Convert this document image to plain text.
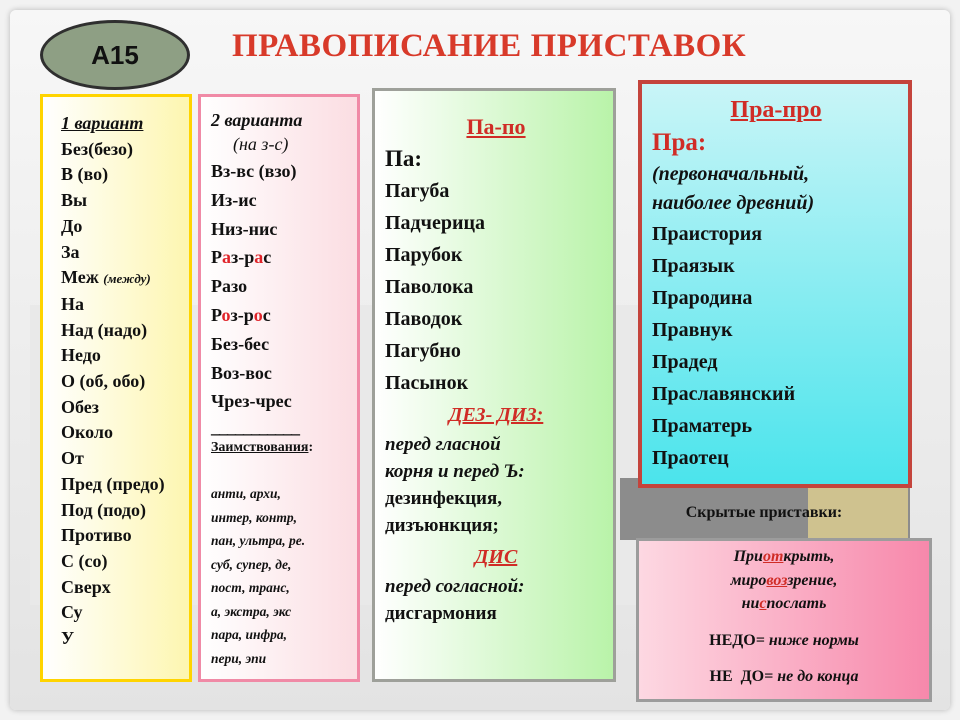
А15	ПРАВОПИСАНИЕ ПРИСТАВОК
1 вариант
Без(безо)
В (во)
Вы
До
За
Меж (между)
На
Над (надо)
Недо
О (об, обо)
Обез
Около
От
Пред (предо)
Под (подо)
Противо
С (со)
Сверх
Су
У
2 варианта
(на з-с)
Вз-вс (взо)
Из-ис
Низ-нис
Раз-рас
Разо
Роз-рос
Без-бес
Воз-вос
Чрез-чрес
___________
Заимствования:
анти, архи,
интер, контр,
пан, ультра, ре.
суб, супер, де,
пост, транс,
а, экстра, экс
пара, инфра,
пери, эпи
Па-по
Па:
Пагуба
Падчерица
Парубок
Паволока
Паводок
Пагубно
Пасынок
ДЕЗ- ДИЗ:
перед гласной
корня и перед Ъ:
дезинфекция,
дизъюнкция;
ДИС
перед согласной:
дисгармония
Пра-про
Пра:
(первоначальный,
наиболее древний)
Праистория
Праязык
Прародина
Правнук
Прадед
Праславянский
Праматерь
Праотец
Скрытые приставки:
Приоткрыть,
мировоззрение,
ниспослать
НЕДО= ниже нормы
НЕ  ДО= не до конца
